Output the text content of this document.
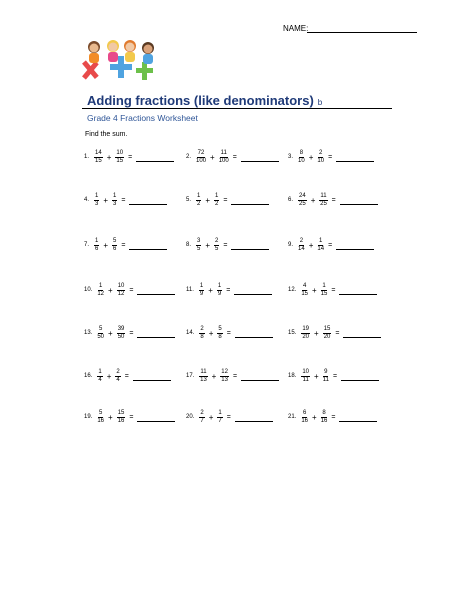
NAME:
Adding fractions (like denominators) b
Grade 4 Fractions Worksheet
Find the sum.
1. $\frac{14}{15} + \frac{10}{15}$ =	2. $\frac{72}{100} + \frac{11}{100}$ =	3. $\frac{8}{10} + \frac{2}{10}$ =
4. $\frac{1}{3} + \frac{1}{3}$ =	5. $\frac{1}{2} + \frac{1}{2}$ =	6. $\frac{24}{25} + \frac{11}{25}$ =
7. $\frac{1}{6} + \frac{5}{6}$ =	8. $\frac{3}{5} + \frac{2}{5}$ =	9. $\frac{2}{14} + \frac{1}{14}$ =
10. $\frac{1}{12} + \frac{10}{12}$ =	11. $\frac{1}{9} + \frac{1}{9}$ =	12. $\frac{4}{15} + \frac{1}{15}$ =
13. $\frac{5}{50} + \frac{39}{50}$ =	14. $\frac{2}{8} + \frac{5}{8}$ =	15. $\frac{19}{20} + \frac{15}{20}$ =
16. $\frac{1}{4} + \frac{2}{4}$ =	17. $\frac{11}{13} + \frac{12}{13}$ =	18. $\frac{10}{11} + \frac{9}{11}$ =
19. $\frac{5}{16} + \frac{15}{16}$ =	20. $\frac{2}{7} + \frac{1}{7}$ =	21. $\frac{6}{16} + \frac{8}{16}$ =
